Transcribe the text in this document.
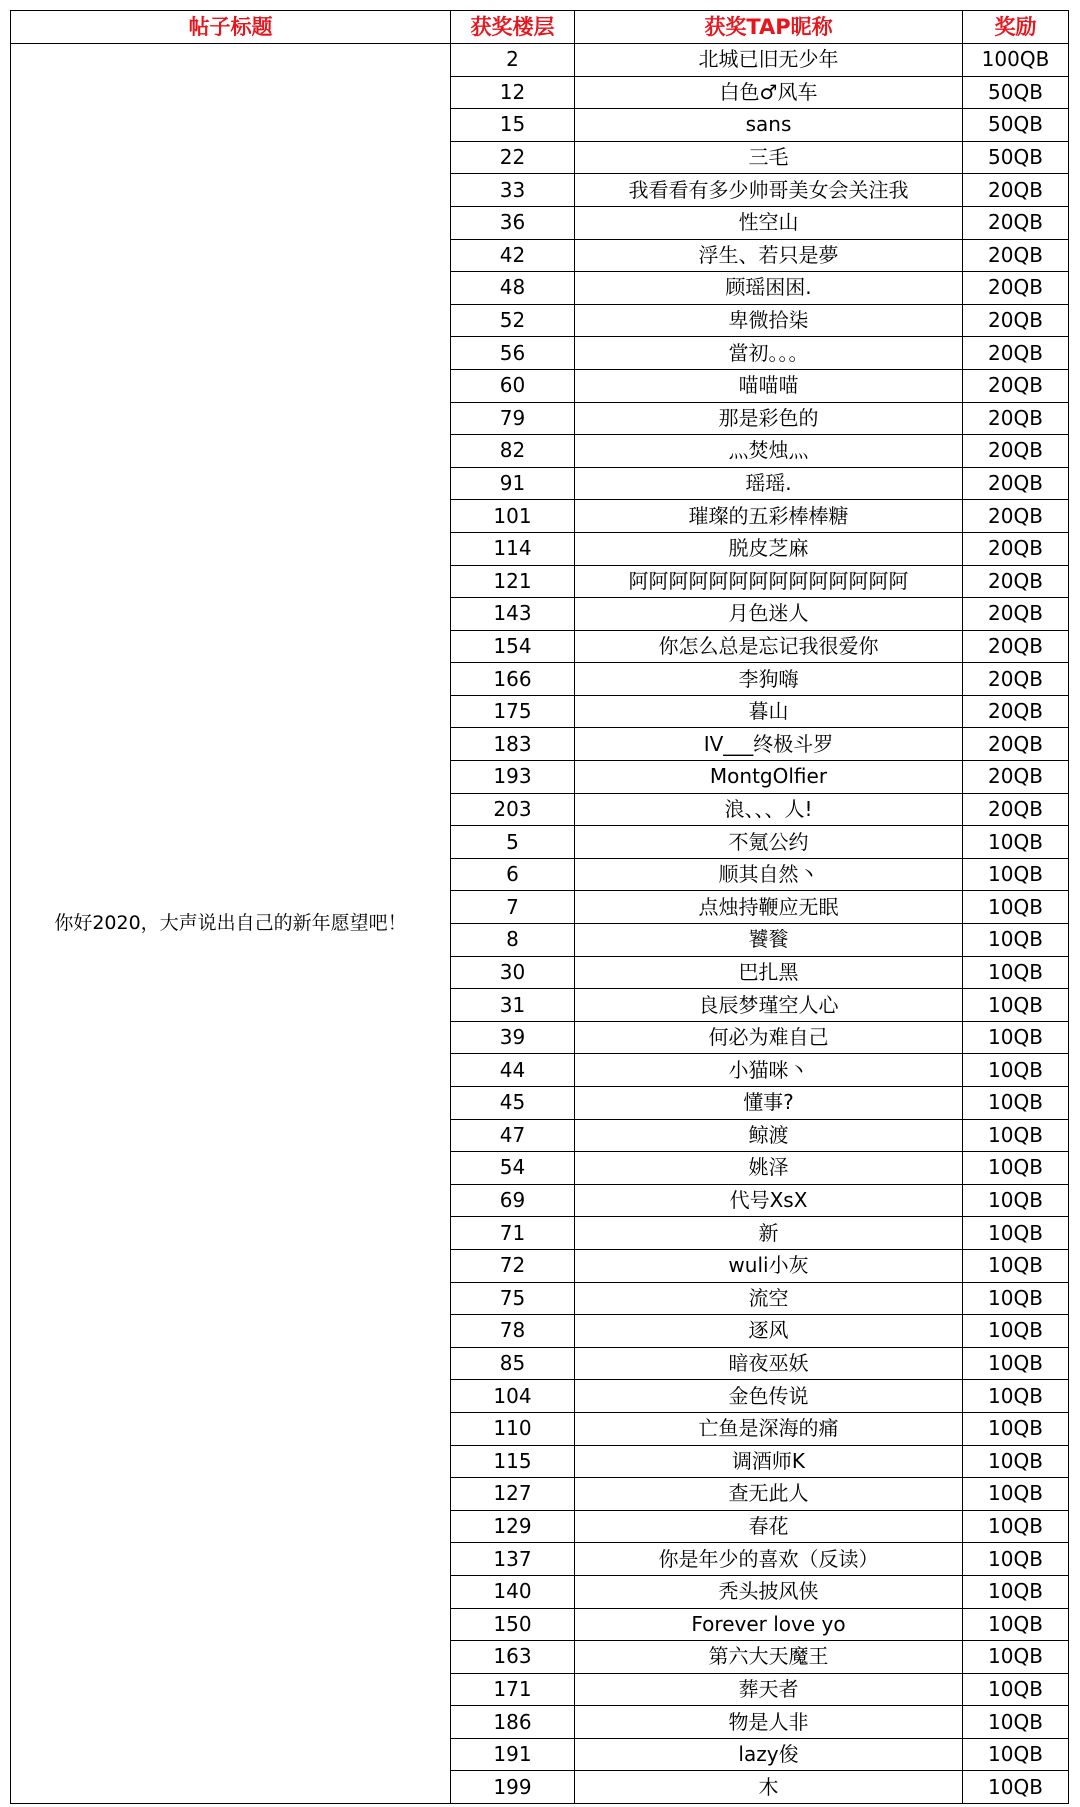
帖子标题	获奖楼层	获奖TAP昵称	奖励
你好2020，大声说出自己的新年愿望吧！	2	北城已旧无少年	100QB
	12	白色♂风车	50QB
	15	sans	50QB
	22	三毛	50QB
	33	我看看有多少帅哥美女会关注我	20QB
	36	性空山	20QB
	42	浮生、若只是夢	20QB
	48	顾瑶困困.	20QB
	52	卑微拾柒	20QB
	56	當初。。。	20QB
	60	喵喵喵	20QB
	79	那是彩色的	20QB
	82	灬焚烛灬	20QB
	91	瑶瑶.	20QB
	101	璀璨的五彩棒棒糖	20QB
	114	脱皮芝麻	20QB
	121	阿阿阿阿阿阿阿阿阿阿阿阿阿阿	20QB
	143	月色迷人	20QB
	154	你怎么总是忘记我很爱你	20QB
	166	李狗嗨	20QB
	175	暮山	20QB
	183	IV___终极斗罗	20QB
	193	MontgOlfier	20QB
	203	浪、、、人!	20QB
	5	不氪公约	10QB
	6	顺其自然丶	10QB
	7	点烛持鞭应无眠	10QB
	8	饕餮	10QB
	30	巴扎黑	10QB
	31	良辰梦瑾空人心	10QB
	39	何必为难自己	10QB
	44	小猫咪丶	10QB
	45	懂事?	10QB
	47	鲸渡	10QB
	54	姚泽	10QB
	69	代号XsX	10QB
	71	新	10QB
	72	wuli小灰	10QB
	75	流空	10QB
	78	逐风	10QB
	85	暗夜巫妖	10QB
	104	金色传说	10QB
	110	亡鱼是深海的痛	10QB
	115	调酒师K	10QB
	127	查无此人	10QB
	129	春花	10QB
	137	你是年少的喜欢（反读）	10QB
	140	秃头披风侠	10QB
	150	Forever love yo	10QB
	163	第六大天魔王	10QB
	171	葬天者	10QB
	186	物是人非	10QB
	191	lazy俊	10QB
	199	木	10QB
